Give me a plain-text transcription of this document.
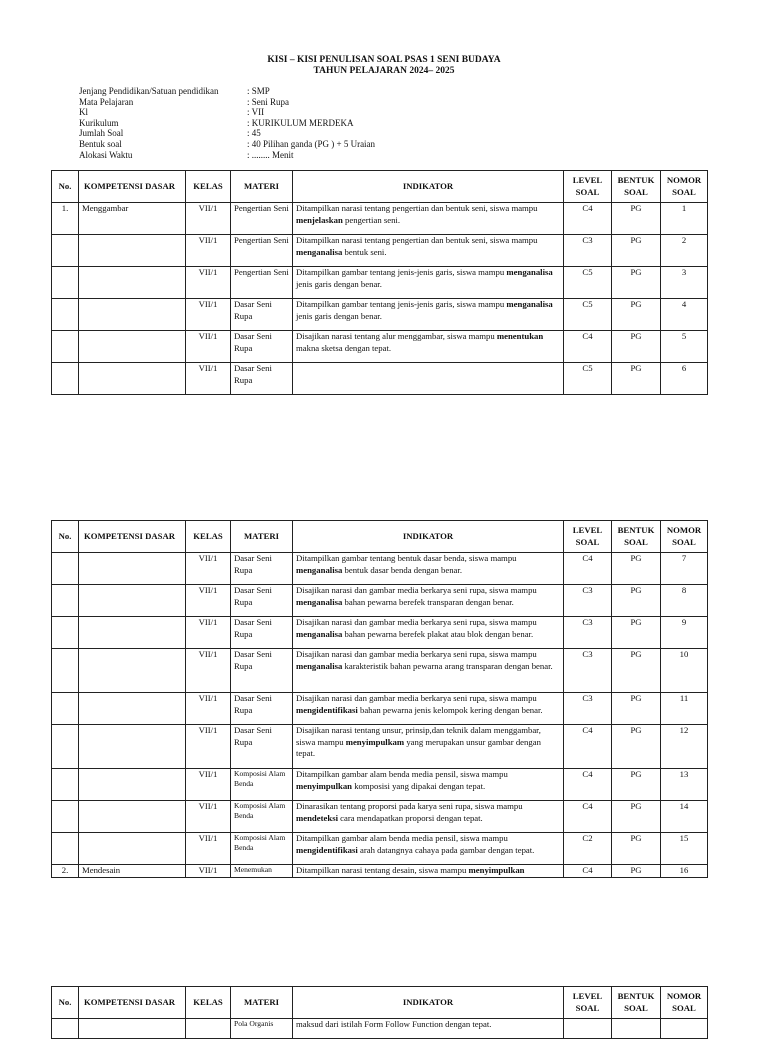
KISI – KISI PENULISAN SOAL PSAS 1 SENI BUDAYA
TAHUN PELAJARAN 2024– 2025
Jenjang Pendidikan/Satuan pendidikan	: SMP
Mata Pelajaran	: Seni Rupa
Kl	: VII
Kurikulum	: KURIKULUM MERDEKA
Jumlah Soal	: 45
Bentuk soal	: 40 Pilihan ganda (PG ) + 5 Uraian
Alokasi Waktu	: ........ Menit
No.	KOMPETENSI DASAR	KELAS	MATERI	INDIKATOR	LEVEL SOAL	BENTUK SOAL	NOMOR SOAL
1.	Menggambar	VII/1	Pengertian Seni	Ditampilkan narasi tentang pengertian dan bentuk seni, siswa mampu menjelaskan pengertian seni.	C4	PG	1
		VII/1	Pengertian Seni	Ditampilkan narasi tentang pengertian dan bentuk seni, siswa mampu menganalisa bentuk seni.	C3	PG	2
		VII/1	Pengertian Seni	Ditampilkan gambar tentang jenis-jenis garis, siswa mampu menganalisa jenis garis dengan benar.	C5	PG	3
		VII/1	Dasar Seni Rupa	Ditampilkan gambar tentang jenis-jenis garis, siswa mampu menganalisa jenis garis dengan benar.	C5	PG	4
		VII/1	Dasar Seni Rupa	Disajikan narasi tentang alur menggambar, siswa mampu menentukan makna sketsa dengan tepat.	C4	PG	5
		VII/1	Dasar Seni Rupa		C5	PG	6
No.	KOMPETENSI DASAR	KELAS	MATERI	INDIKATOR	LEVEL SOAL	BENTUK SOAL	NOMOR SOAL
		VII/1	Dasar Seni Rupa	Ditampilkan gambar tentang bentuk dasar benda, siswa mampu menganalisa bentuk dasar benda dengan benar.	C4	PG	7
		VII/1	Dasar Seni Rupa	Disajikan narasi dan gambar media berkarya seni rupa, siswa mampu menganalisa bahan pewarna berefek transparan dengan benar.	C3	PG	8
		VII/1	Dasar Seni Rupa	Disajikan narasi dan gambar media berkarya seni rupa, siswa mampu menganalisa bahan pewarna berefek plakat atau blok dengan benar.	C3	PG	9
		VII/1	Dasar Seni Rupa	Disajikan narasi dan gambar media berkarya seni rupa, siswa mampu menganalisa karakteristik bahan pewarna arang transparan dengan benar.	C3	PG	10
		VII/1	Dasar Seni Rupa	Disajikan narasi dan gambar media berkarya seni rupa, siswa mampu mengidentifikasi bahan pewarna jenis kelompok kering dengan benar.	C3	PG	11
		VII/1	Dasar Seni Rupa	Disajikan narasi tentang unsur, prinsip,dan teknik dalam menggambar, siswa mampu menyimpulkam yang merupakan unsur gambar dengan tepat.	C4	PG	12
		VII/1	Komposisi Alam Benda	Ditampilkan gambar alam benda media pensil, siswa mampu menyimpulkan komposisi yang dipakai dengan tepat.	C4	PG	13
		VII/1	Komposisi Alam Benda	Dinarasikan tentang proporsi pada karya seni rupa, siswa mampu mendeteksi cara mendapatkan proporsi dengan tepat.	C4	PG	14
		VII/1	Komposisi Alam Benda	Ditampilkan gambar alam benda media pensil, siswa mampu mengidentifikasi arah datangnya cahaya pada gambar dengan tepat.	C2	PG	15
2.	Mendesain	VII/1	Menemukan	Ditampilkan narasi tentang desain, siswa mampu menyimpulkan	C4	PG	16
No.	KOMPETENSI DASAR	KELAS	MATERI	INDIKATOR	LEVEL SOAL	BENTUK SOAL	NOMOR SOAL
			Pola Organis	maksud dari istilah Form Follow Function dengan tepat.			
